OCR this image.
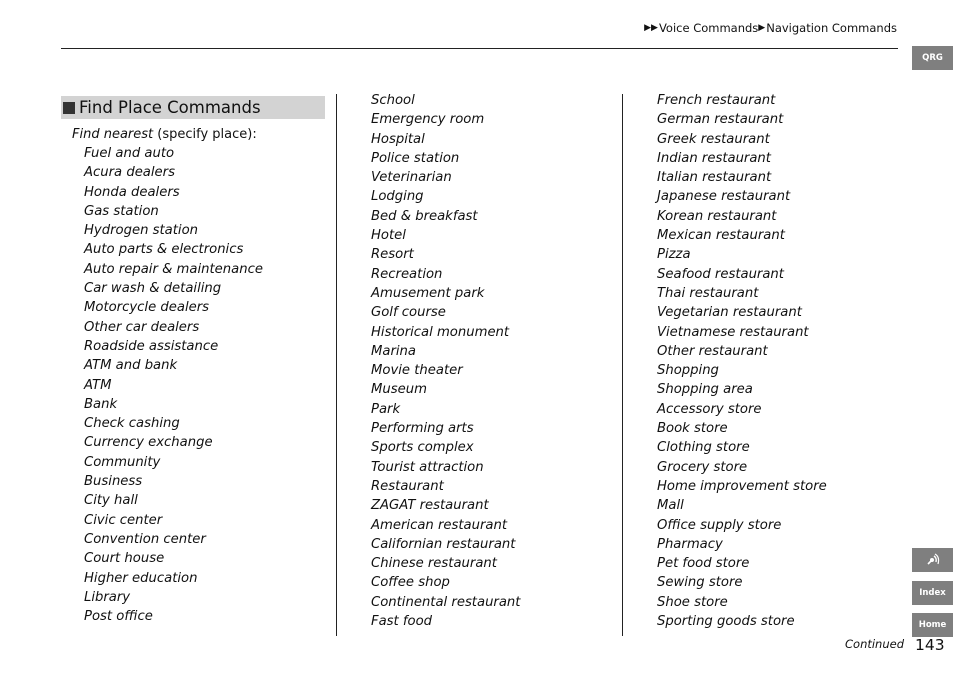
▶▶ Voice Commands ▶ Navigation Commands
QRG
Index
Home
Find Place Commands
Find nearest (specify place):
Fuel and auto
Acura dealers
Honda dealers
Gas station
Hydrogen station
Auto parts & electronics
Auto repair & maintenance
Car wash & detailing
Motorcycle dealers
Other car dealers
Roadside assistance
ATM and bank
ATM
Bank
Check cashing
Currency exchange
Community
Business
City hall
Civic center
Convention center
Court house
Higher education
Library
Post office
School
Emergency room
Hospital
Police station
Veterinarian
Lodging
Bed & breakfast
Hotel
Resort
Recreation
Amusement park
Golf course
Historical monument
Marina
Movie theater
Museum
Park
Performing arts
Sports complex
Tourist attraction
Restaurant
ZAGAT restaurant
American restaurant
Californian restaurant
Chinese restaurant
Coffee shop
Continental restaurant
Fast food
French restaurant
German restaurant
Greek restaurant
Indian restaurant
Italian restaurant
Japanese restaurant
Korean restaurant
Mexican restaurant
Pizza
Seafood restaurant
Thai restaurant
Vegetarian restaurant
Vietnamese restaurant
Other restaurant
Shopping
Shopping area
Accessory store
Book store
Clothing store
Grocery store
Home improvement store
Mall
Office supply store
Pharmacy
Pet food store
Sewing store
Shoe store
Sporting goods store
Continued 143
